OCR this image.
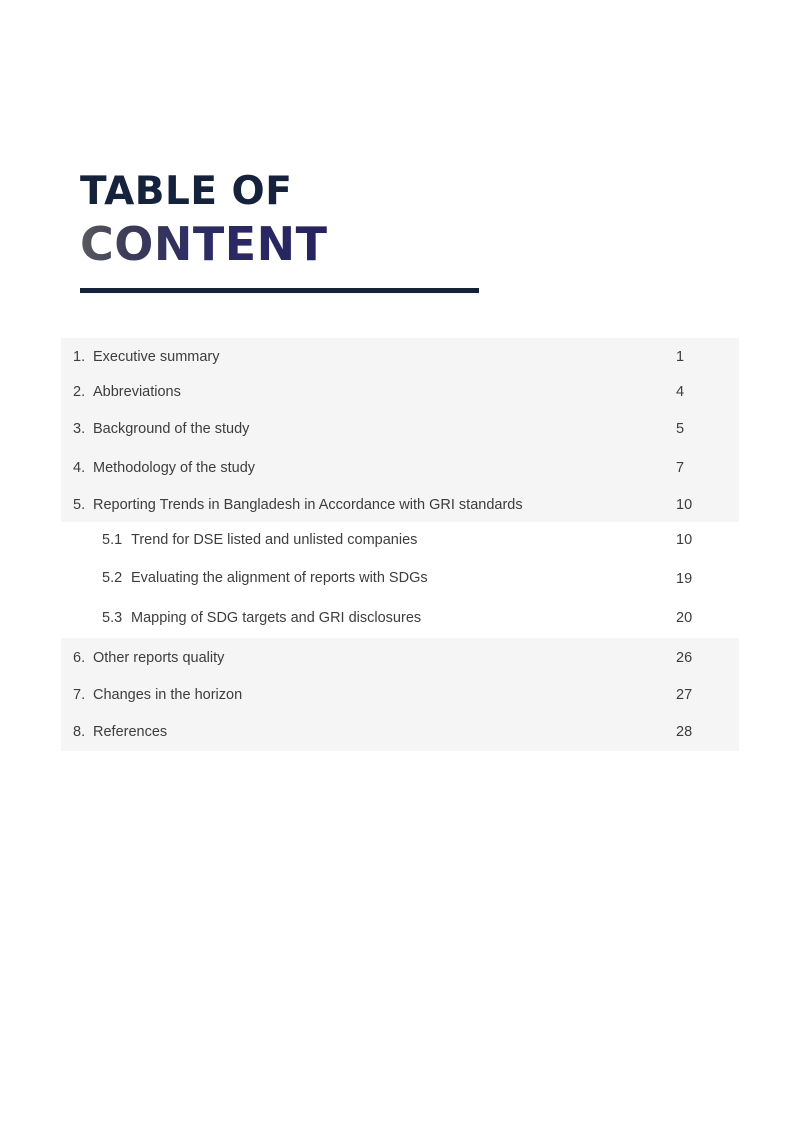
TABLE OF
CONTENT
1. Executive summary	1
2. Abbreviations	4
3. Background of the study	5
4. Methodology of the study	7
5. Reporting Trends in Bangladesh in Accordance with GRI standards	10
5.1 Trend for DSE listed and unlisted companies	10
5.2 Evaluating the alignment of reports with SDGs	19
5.3 Mapping of SDG targets and GRI disclosures	20
6. Other reports quality	26
7. Changes in the horizon	27
8. References	28
